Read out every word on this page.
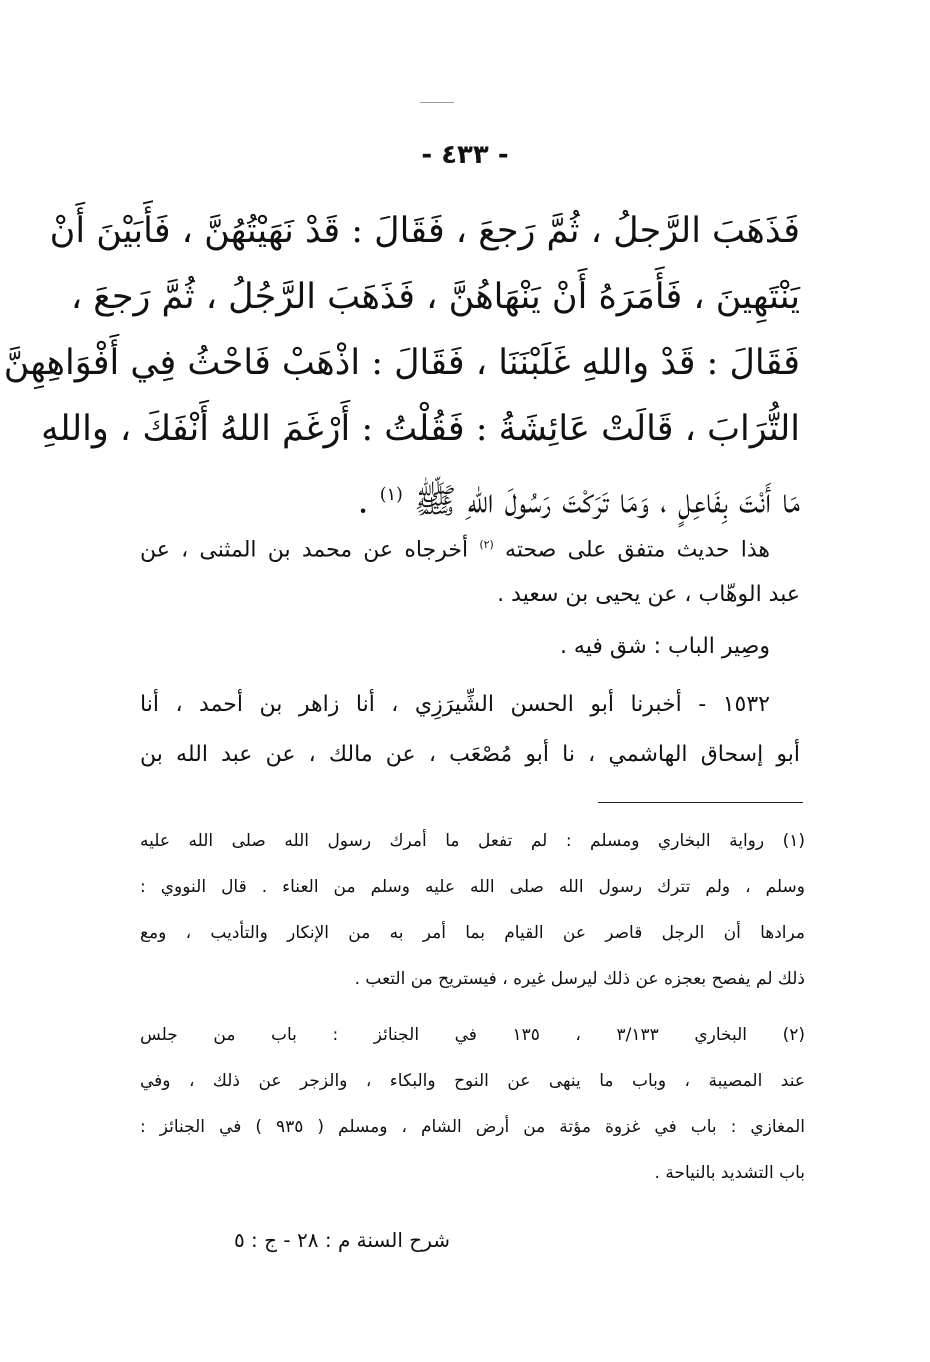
- ٤٣٣ -
فَذَهَبَ الرَّجلُ ، ثُمَّ رَجعَ ، فَقَالَ : قَدْ نَهَيْتُهُنَّ ، فَأَبَيْنَ أَنْ
يَنْتَهِينَ ، فَأَمَرَهُ أَنْ يَنْهَاهُنَّ ، فَذَهَبَ الرَّجُلُ ، ثُمَّ رَجعَ ،
فَقَالَ : قَدْ واللهِ غَلَبْنَنَا ، فَقَالَ : اذْهَبْ فَاحْثُ فِي أَفْوَاهِهِنَّ
التُّرَابَ ، قَالَتْ عَائِشَةُ : فَقُلْتُ : أَرْغَمَ اللهُ أَنْفَكَ ، واللهِ
مَا أَنْتَ بِفَاعِلٍ ، وَمَا تَرَكْتَ رَسُولَ اللهِ ﷺ $^{(١)}$ .
هذا حديث متفق على صحته $^{(٢)}$ أخرجاه عن محمد بن المثنى ، عن
عبد الوهّاب ، عن يحيى بن سعيد .
وصِير الباب : شق فيه .
١٥٣٢ - أخبرنا أبو الحسن الشِّيرَزِي ، أنا زاهر بن أحمد ، أنا
أبو إسحاق الهاشمي ، نا أبو مُصْعَب ، عن مالك ، عن عبد الله بن
(١) رواية البخاري ومسلم : لم تفعل ما أمرك رسول الله صلى الله عليه
وسلم ، ولم تترك رسول الله صلى الله عليه وسلم من العناء . قال النووي :
مرادها أن الرجل قاصر عن القيام بما أمر به من الإنكار والتأديب ، ومع
ذلك لم يفصح بعجزه عن ذلك ليرسل غيره ، فيستريح من التعب .
(٢) البخاري ٣/١٣٣ ، ١٣٥ في الجنائز : باب من جلس
عند المصيبة ، وباب ما ينهى عن النوح والبكاء ، والزجر عن ذلك ، وفي
المغازي : باب في غزوة مؤتة من أرض الشام ، ومسلم ( ٩٣٥ ) في الجنائز :
باب التشديد بالنياحة .
شرح السنة م : ٢٨ - ج : ٥
